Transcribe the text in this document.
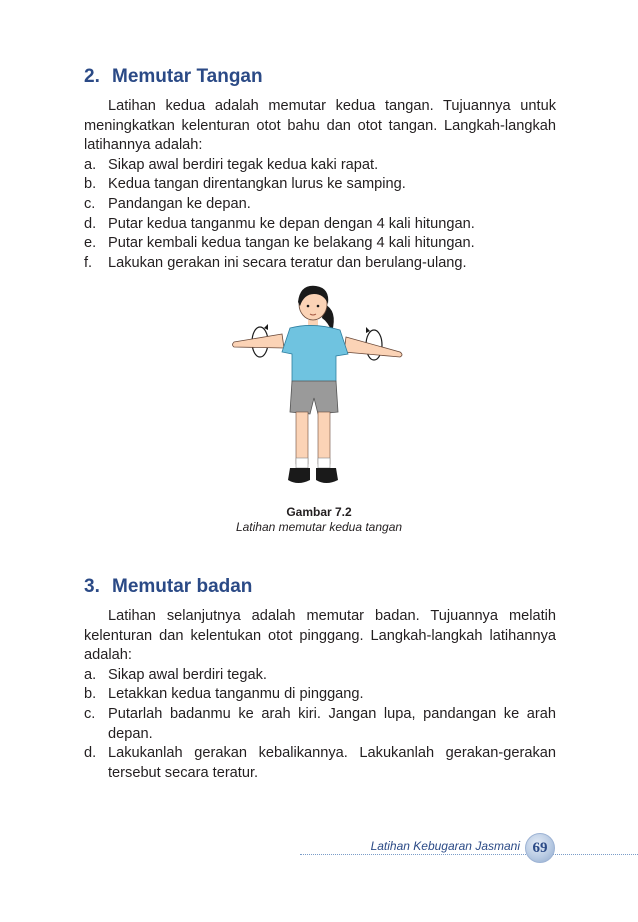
2. Memutar Tangan

Latihan kedua adalah memutar kedua tangan. Tujuannya untuk meningkatkan kelenturan otot bahu dan otot tangan. Langkah-langkah latihannya adalah:

a. Sikap awal berdiri tegak kedua kaki rapat.
b. Kedua tangan direntangkan lurus ke samping.
c. Pandangan ke depan.
d. Putar kedua tanganmu ke depan dengan 4 kali hitungan.
e. Putar kembali kedua tangan ke belakang 4 kali hitungan.
f.	Lakukan gerakan ini secara teratur dan berulang-ulang.
Gambar 7.2
Latihan memutar kedua tangan
3. Memutar badan

Latihan selanjutnya adalah memutar badan. Tujuannya melatih kelenturan dan kelentukan otot pinggang. Langkah-langkah latihannya adalah:

a. Sikap awal berdiri tegak.
b. Letakkan kedua tanganmu di pinggang.
c. Putarlah badanmu ke arah kiri. Jangan lupa, pandangan ke arah depan.
d. Lakukanlah gerakan kebalikannya. Lakukanlah gerakan-gerakan tersebut secara teratur.
Latihan Kebugaran Jasmani 69
